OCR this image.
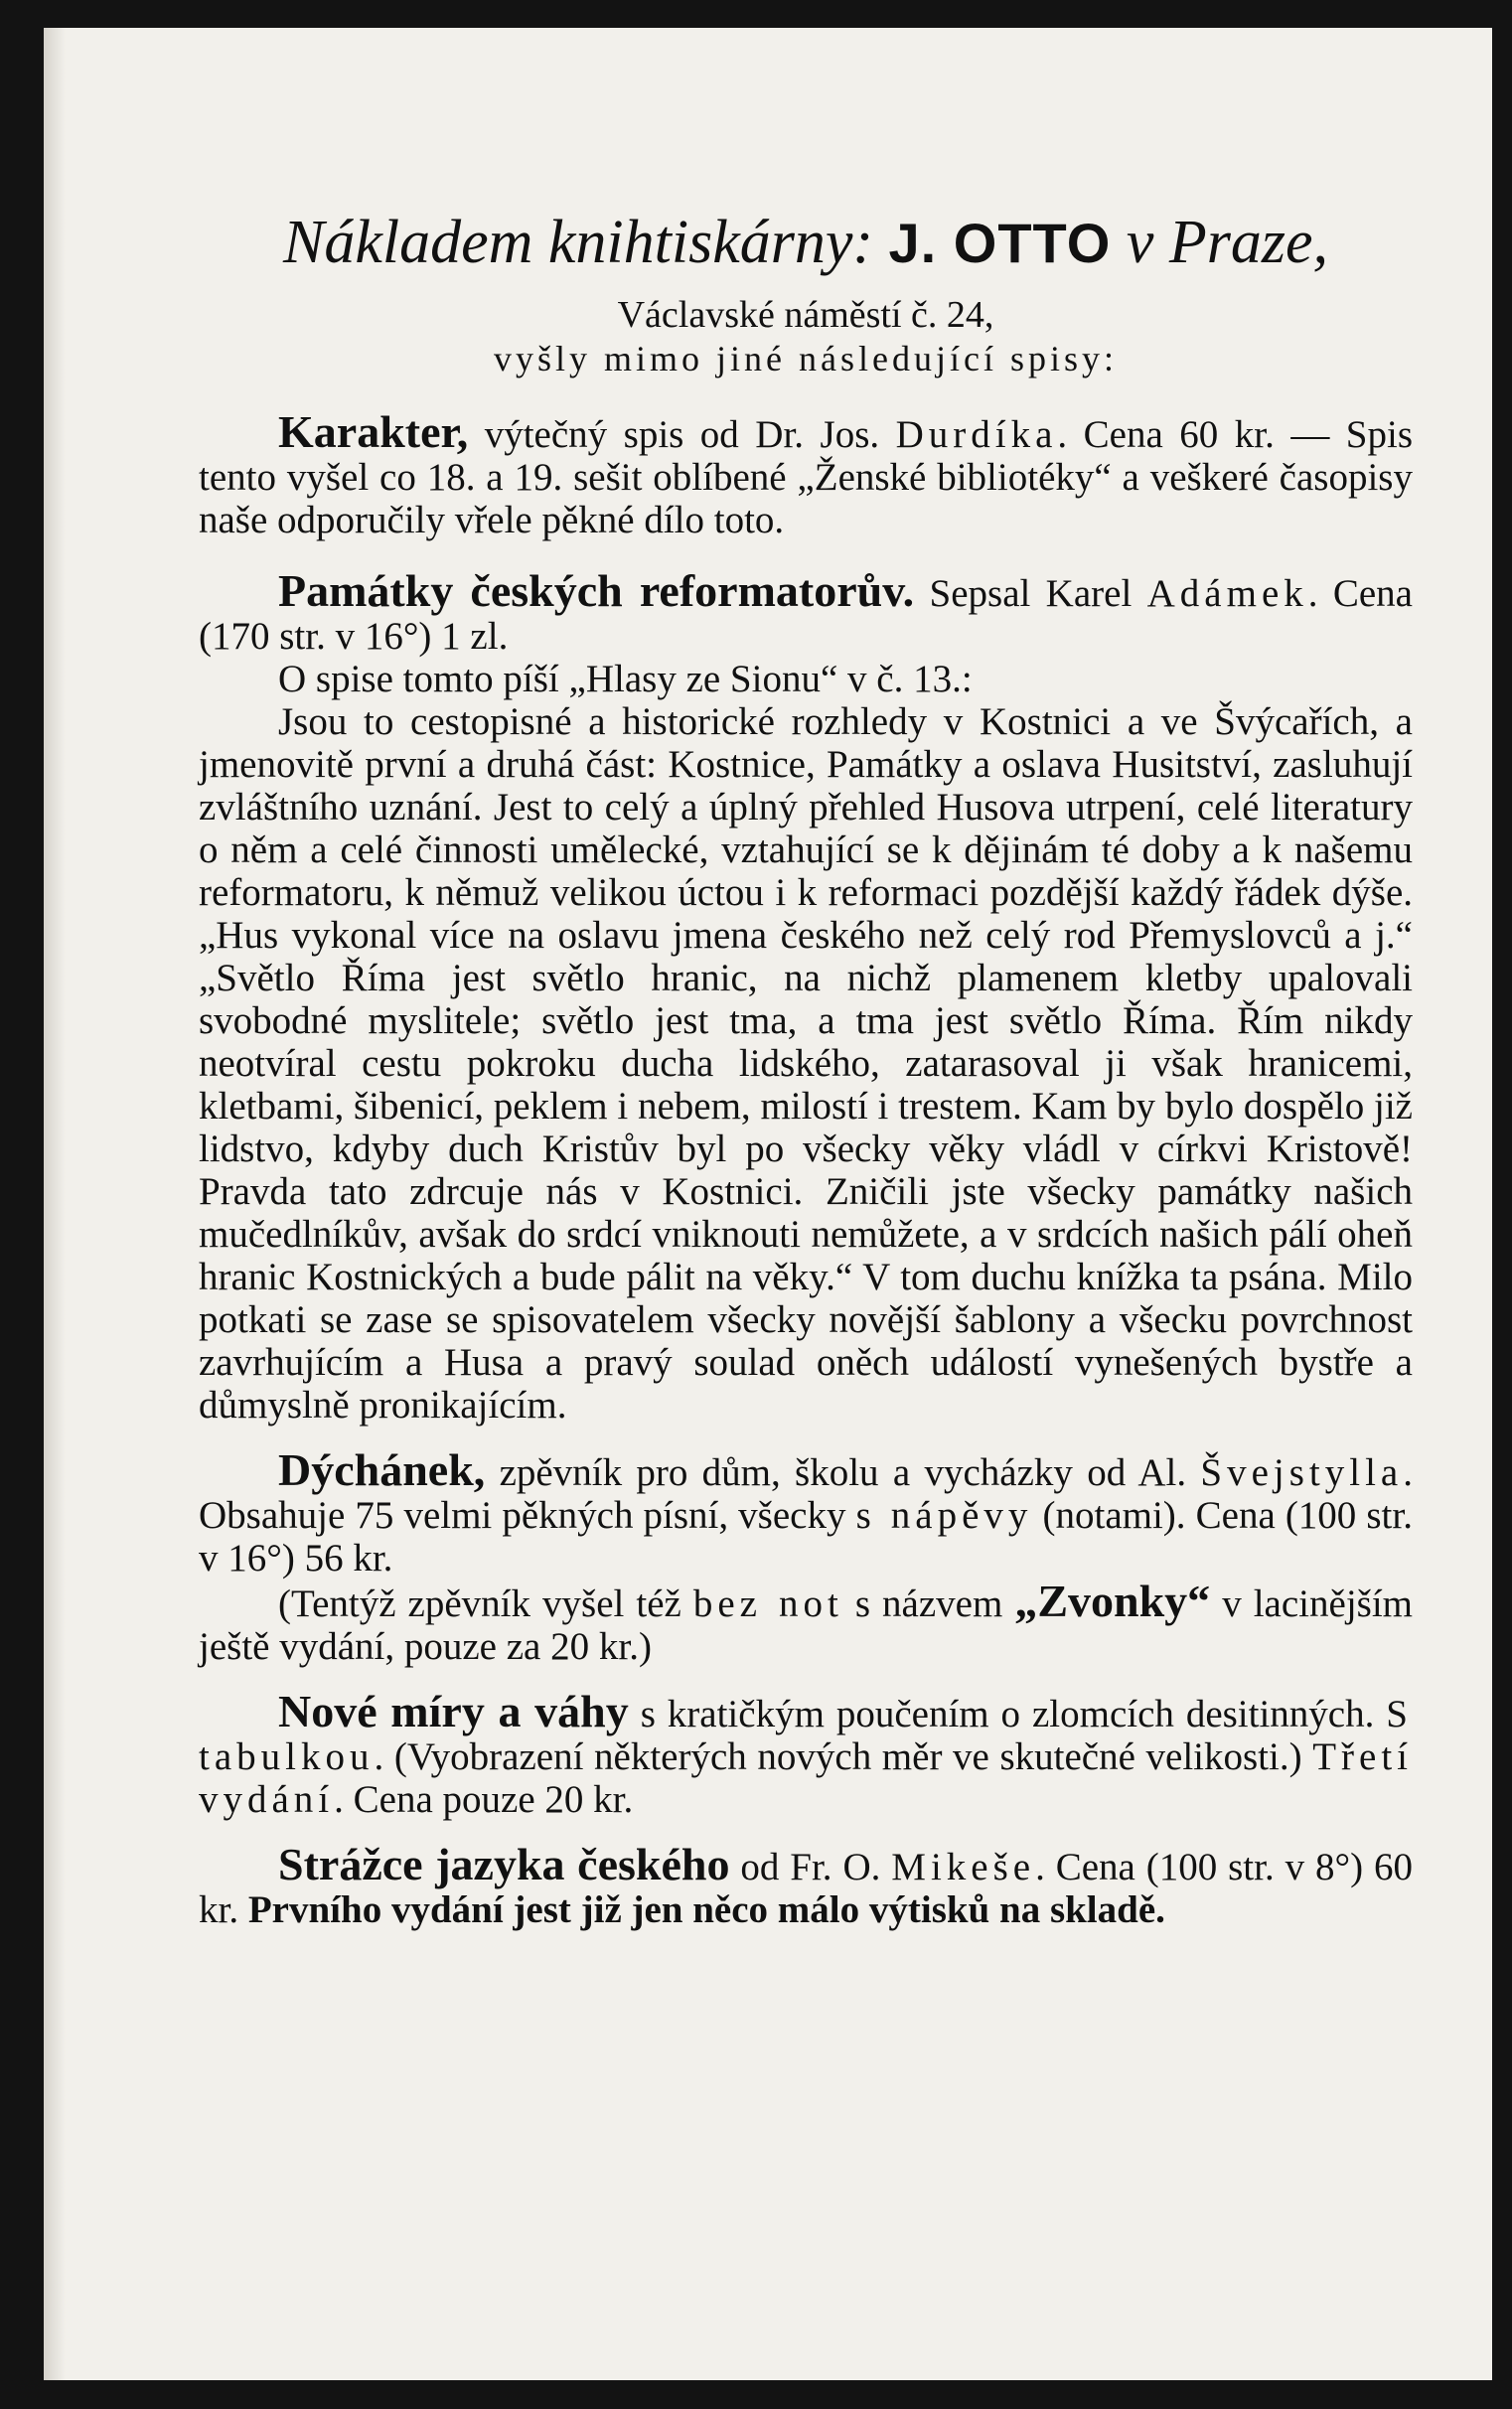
Nákladem knihtiskárny: J. OTTO v Praze,

Václavské náměstí č. 24,

vyšly mimo jiné následující spisy:

Karakter, výtečný spis od Dr. Jos. Durdíka. Cena 60 kr. — Spis tento vyšel co 18. a 19. sešit oblíbené „Ženské bibliotéky“ a veškeré časopisy naše odporučily vřele pěkné dílo toto.

Památky českých reformatorův. Sepsal Karel Adámek. Cena (170 str. v 16°) 1 zl.

O spise tomto píší „Hlasy ze Sionu“ v č. 13.:

Jsou to cestopisné a historické rozhledy v Kostnici a ve Švýcařích, a jmenovitě první a druhá část: Kostnice, Památky a oslava Husitství, zasluhují zvláštního uznání. Jest to celý a úplný přehled Husova utrpení, celé literatury o něm a celé činnosti umělecké, vztahující se k dějinám té doby a k našemu reformatoru, k němuž velikou úctou i k reformaci pozdější každý řádek dýše. „Hus vykonal více na oslavu jmena českého než celý rod Přemyslovců a j.“ „Světlo Říma jest světlo hranic, na nichž plamenem kletby upalovali svobodné myslitele; světlo jest tma, a tma jest světlo Říma. Řím nikdy neotvíral cestu pokroku ducha lidského, zatarasoval ji však hranicemi, kletbami, šibenicí, peklem i nebem, milostí i trestem. Kam by bylo dospělo již lidstvo, kdyby duch Kristův byl po všecky věky vládl v církvi Kristově! Pravda tato zdrcuje nás v Kostnici. Zničili jste všecky památky našich mučedlníkův, avšak do srdcí vniknouti nemůžete, a v srdcích našich pálí oheň hranic Kostnických a bude pálit na věky.“ V tom duchu knížka ta psána. Milo potkati se zase se spisovatelem všecky novější šablony a všecku povrchnost zavrhujícím a Husa a pravý soulad oněch událostí vynešených bystře a důmyslně pronikajícím.

Dýchánek, zpěvník pro dům, školu a vycházky od Al. Švejstylla. Obsahuje 75 velmi pěkných písní, všecky s nápěvy (notami). Cena (100 str. v 16°) 56 kr.

(Tentýž zpěvník vyšel též bez not s názvem „Zvonky“ v lacinějším ještě vydání, pouze za 20 kr.)

Nové míry a váhy s kratičkým poučením o zlomcích desitinných. S tabulkou. (Vyobrazení některých nových měr ve skutečné velikosti.) Třetí vydání. Cena pouze 20 kr.

Strážce jazyka českého od Fr. O. Mikeše. Cena (100 str. v 8°) 60 kr. Prvního vydání jest již jen něco málo výtisků na skladě.
